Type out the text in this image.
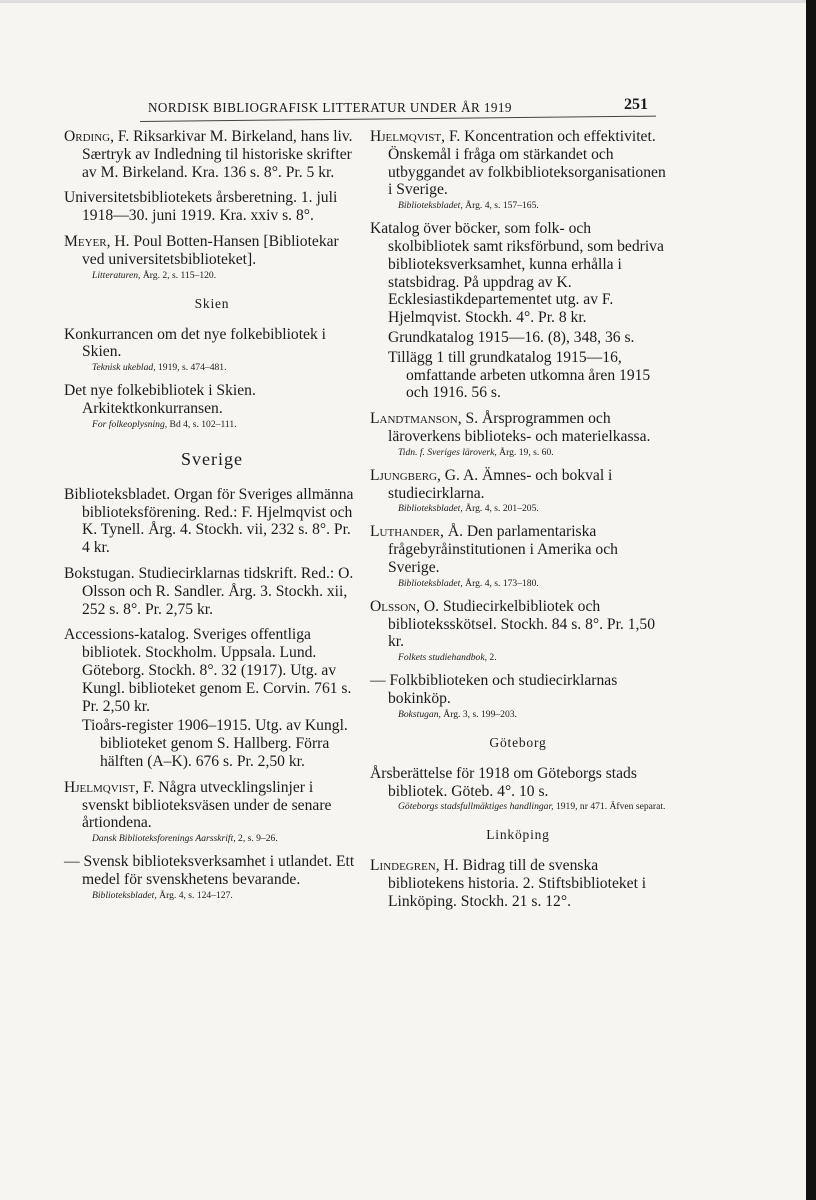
NORDISK BIBLIOGRAFISK LITTERATUR UNDER ÅR 1919	251
Ording, F. Riksarkivar M. Birkeland, hans liv. Særtryk av Indledning til historiske skrifter av M. Birkeland. Kra. 136 s. 8°. Pr. 5 kr.
Universitetsbibliotekets årsberetning. 1. juli 1918—30. juni 1919. Kra. xxiv s. 8°.
Meyer, H. Poul Botten-Hansen [Bibliotekar ved universitetsbiblioteket].
Litteraturen, Årg. 2, s. 115–120.
Skien
Konkurrancen om det nye folkebibliotek i Skien.
Teknisk ukeblad, 1919, s. 474–481.
Det nye folkebibliotek i Skien. Arkitektkonkurransen.
For folkeoplysning, Bd 4, s. 102–111.
Sverige
Biblioteksbladet. Organ för Sveriges allmänna biblioteksförening. Red.: F. Hjelmqvist och K. Tynell. Årg. 4. Stockh. vii, 232 s. 8°. Pr. 4 kr.
Bokstugan. Studiecirklarnas tidskrift. Red.: O. Olsson och R. Sandler. Årg. 3. Stockh. xii, 252 s. 8°. Pr. 2,75 kr.
Accessions-katalog. Sveriges offentliga bibliotek. Stockholm. Uppsala. Lund. Göteborg. Stockh. 8°. 32 (1917). Utg. av Kungl. biblioteket genom E. Corvin. 761 s. Pr. 2,50 kr.
Tioårs-register 1906–1915. Utg. av Kungl. biblioteket genom S. Hallberg. Förra hälften (A–K). 676 s. Pr. 2,50 kr.
Hjelmqvist, F. Några utvecklingslinjer i svenskt biblioteksväsen under de senare årtiondena.
Dansk Biblioteksforenings Aarsskrift, 2, s. 9–26.
— Svensk biblioteksverksamhet i utlandet. Ett medel för svenskhetens bevarande.
Biblioteksbladet, Årg. 4, s. 124–127.
Hjelmqvist, F. Koncentration och effektivitet. Önskemål i fråga om stärkandet och utbyggandet av folkbiblioteksorganisationen i Sverige.
Biblioteksbladet, Årg. 4, s. 157–165.
Katalog över böcker, som folk- och skolbibliotek samt riksförbund, som bedriva biblioteksverksamhet, kunna erhålla i statsbidrag. På uppdrag av K. Ecklesiastikdepartementet utg. av F. Hjelmqvist. Stockh. 4°. Pr. 8 kr.
Grundkatalog 1915—16. (8), 348, 36 s.
Tillägg 1 till grundkatalog 1915—16, omfattande arbeten utkomna åren 1915 och 1916. 56 s.
Landtmanson, S. Årsprogrammen och läroverkens biblioteks- och materielkassa.
Tidn. f. Sveriges läroverk, Årg. 19, s. 60.
Ljungberg, G. A. Ämnes- och bokval i studiecirklarna.
Biblioteksbladet, Årg. 4, s. 201–205.
Luthander, Å. Den parlamentariska frågebyråinstitutionen i Amerika och Sverige.
Biblioteksbladet, Årg. 4, s. 173–180.
Olsson, O. Studiecirkelbibliotek och biblioteksskötsel. Stockh. 84 s. 8°. Pr. 1,50 kr.
Folkets studiehandbok, 2.
— Folkbiblioteken och studiecirklarnas bokinköp.
Bokstugan, Årg. 3, s. 199–203.
Göteborg
Årsberättelse för 1918 om Göteborgs stads bibliotek. Göteb. 4°. 10 s.
Göteborgs stadsfullmäktiges handlingar, 1919, nr 471. Äfven separat.
Linköping
Lindegren, H. Bidrag till de svenska bibliotekens historia. 2. Stiftsbiblioteket i Linköping. Stockh. 21 s. 12°.
